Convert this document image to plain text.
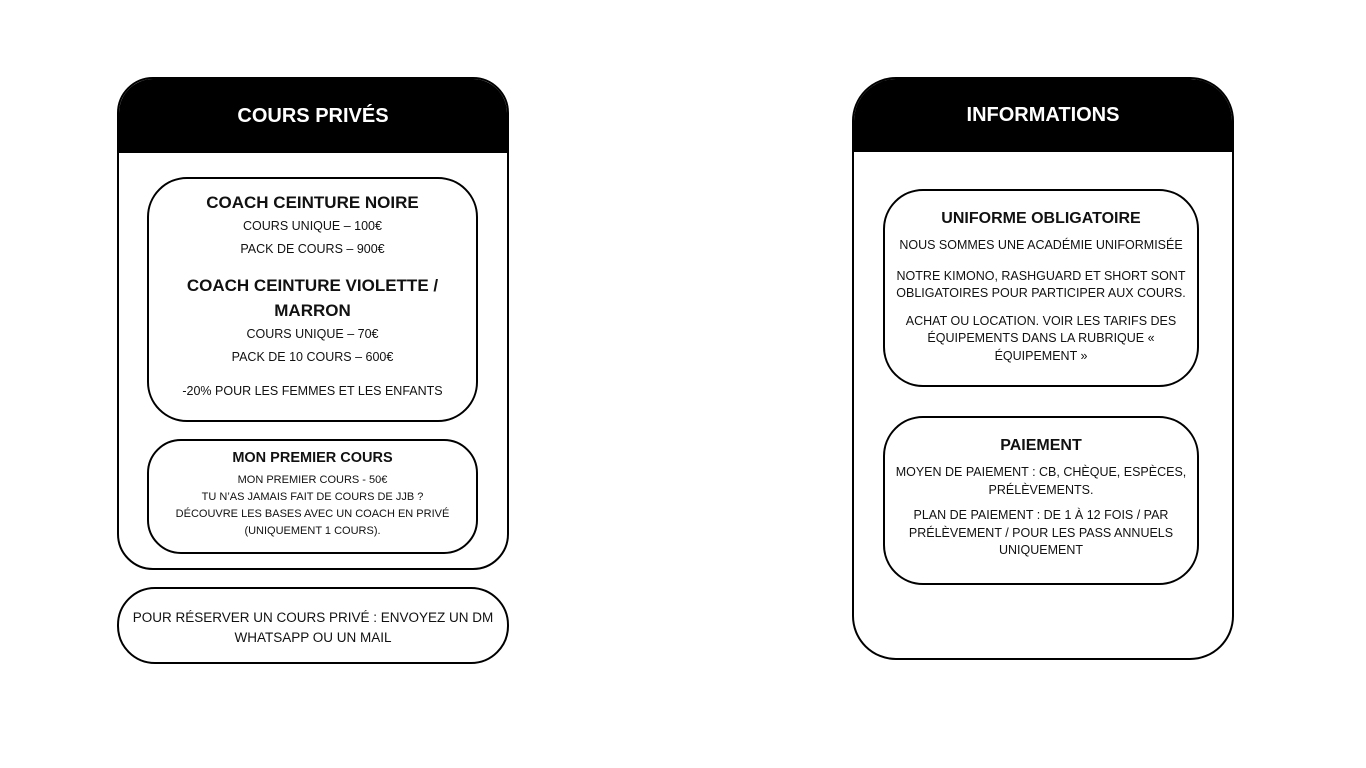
COURS PRIVÉS

COACH CEINTURE NOIRE

COURS UNIQUE – 100€

PACK DE COURS – 900€

COACH CEINTURE VIOLETTE /

MARRON

COURS UNIQUE – 70€

PACK DE 10 COURS – 600€

-20% POUR LES FEMMES ET LES ENFANTS

MON PREMIER COURS

MON PREMIER COURS - 50€

TU N’AS JAMAIS FAIT DE COURS DE JJB ?

DÉCOUVRE LES BASES AVEC UN COACH EN PRIVÉ

(UNIQUEMENT 1 COURS).

POUR RÉSERVER UN COURS PRIVÉ : ENVOYEZ UN DM

WHATSAPP OU UN MAIL

INFORMATIONS

UNIFORME OBLIGATOIRE

NOUS SOMMES UNE ACADÉMIE UNIFORMISÉE

NOTRE KIMONO, RASHGUARD ET SHORT SONT

OBLIGATOIRES POUR PARTICIPER AUX COURS.

ACHAT OU LOCATION. VOIR LES TARIFS DES

ÉQUIPEMENTS DANS LA RUBRIQUE «

ÉQUIPEMENT »

PAIEMENT

MOYEN DE PAIEMENT : CB, CHÈQUE, ESPÈCES,

PRÉLÈVEMENTS.

PLAN DE PAIEMENT : DE 1 À 12 FOIS / PAR

PRÉLÈVEMENT / POUR LES PASS ANNUELS

UNIQUEMENT
